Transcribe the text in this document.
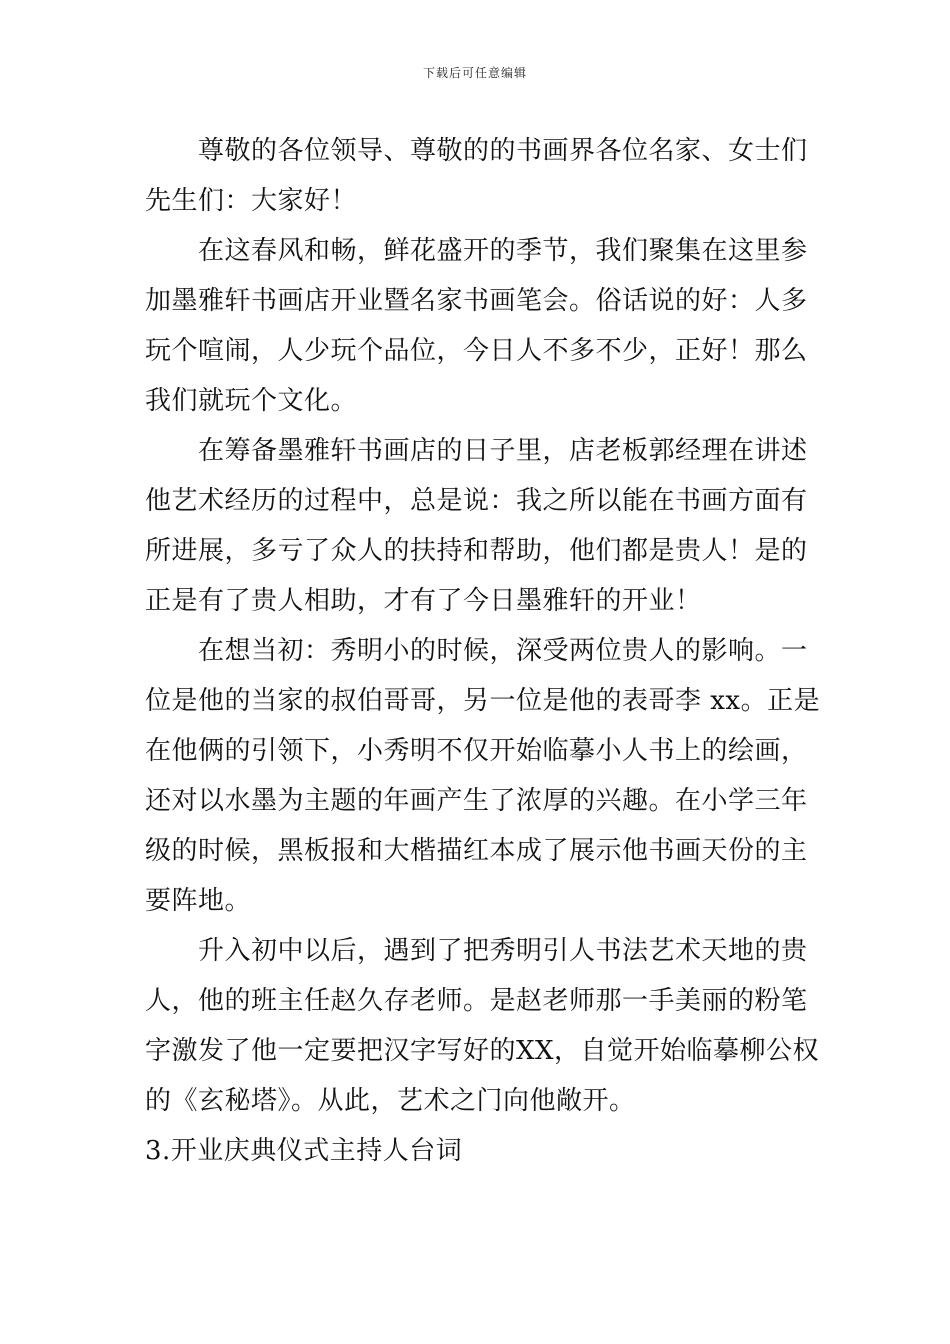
下载后可任意编辑
尊敬的各位领导、尊敬的的书画界各位名家、女士们
先生们：大家好！
在这春风和畅，鲜花盛开的季节，我们聚集在这里参
加墨雅轩书画店开业暨名家书画笔会。俗话说的好：人多
玩个喧闹，人少玩个品位，今日人不多不少，正好！那么
我们就玩个文化。
在筹备墨雅轩书画店的日子里，店老板郭经理在讲述
他艺术经历的过程中，总是说：我之所以能在书画方面有
所进展，多亏了众人的扶持和帮助，他们都是贵人！是的
正是有了贵人相助，才有了今日墨雅轩的开业！
在想当初：秀明小的时候，深受两位贵人的影响。一
位是他的当家的叔伯哥哥，另一位是他的表哥李 xx。正是
在他俩的引领下，小秀明不仅开始临摹小人书上的绘画，
还对以水墨为主题的年画产生了浓厚的兴趣。在小学三年
级的时候，黑板报和大楷描红本成了展示他书画天份的主
要阵地。
升入初中以后，遇到了把秀明引人书法艺术天地的贵
人，他的班主任赵久存老师。是赵老师那一手美丽的粉笔
字激发了他一定要把汉字写好的XX，自觉开始临摹柳公权
的《玄秘塔》。从此，艺术之门向他敞开。
3.开业庆典仪式主持人台词
